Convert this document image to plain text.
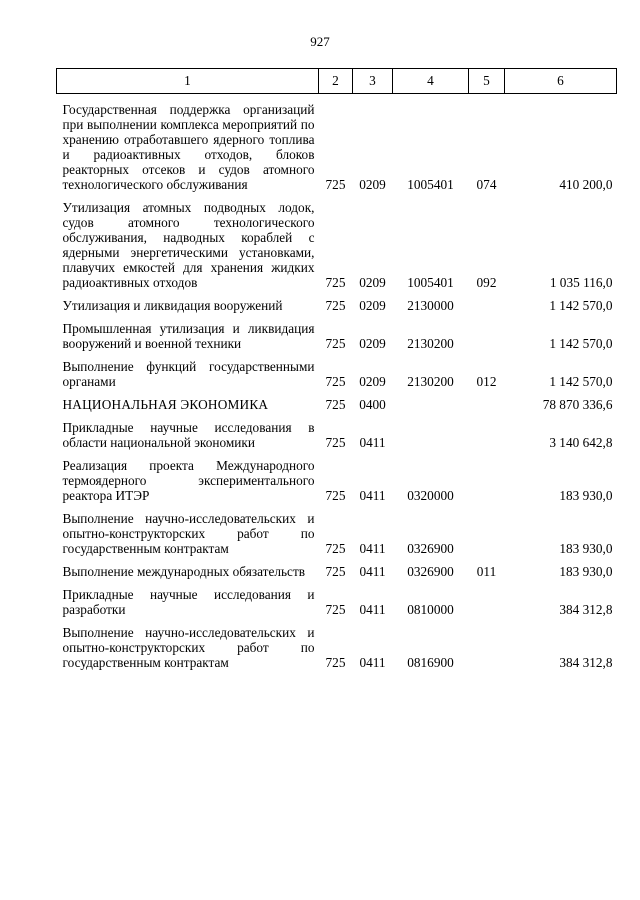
927
1	2	3	4	5	6

Государственная поддержка организаций при выполнении комплекса мероприятий по хранению отработавшего ядерного топлива и радиоактивных отходов, блоков реакторных отсеков и судов атомного технологического обслуживания	725	0209	1005401	074	410 200,0

Утилизация атомных подводных лодок, судов атомного технологического обслуживания, надводных кораблей с ядерными энергетическими установками, плавучих емкостей для хранения жидких радиоактивных отходов	725	0209	1005401	092	1 035 116,0

Утилизация и ликвидация вооружений	725	0209	2130000		1 142 570,0

Промышленная утилизация и ликвидация вооружений и военной техники	725	0209	2130200		1 142 570,0

Выполнение функций государственными органами	725	0209	2130200	012	1 142 570,0

НАЦИОНАЛЬНАЯ ЭКОНОМИКА	725	0400			78 870 336,6

Прикладные научные исследования в области национальной экономики	725	0411			3 140 642,8

Реализация проекта Международного термоядерного экспериментального реактора ИТЭР	725	0411	0320000		183 930,0

Выполнение научно-исследовательских и опытно-конструкторских работ по государственным контрактам	725	0411	0326900		183 930,0

Выполнение международных обязательств	725	0411	0326900	011	183 930,0

Прикладные научные исследования и разработки	725	0411	0810000		384 312,8

Выполнение научно-исследовательских и опытно-конструкторских работ по государственным контрактам	725	0411	0816900		384 312,8
